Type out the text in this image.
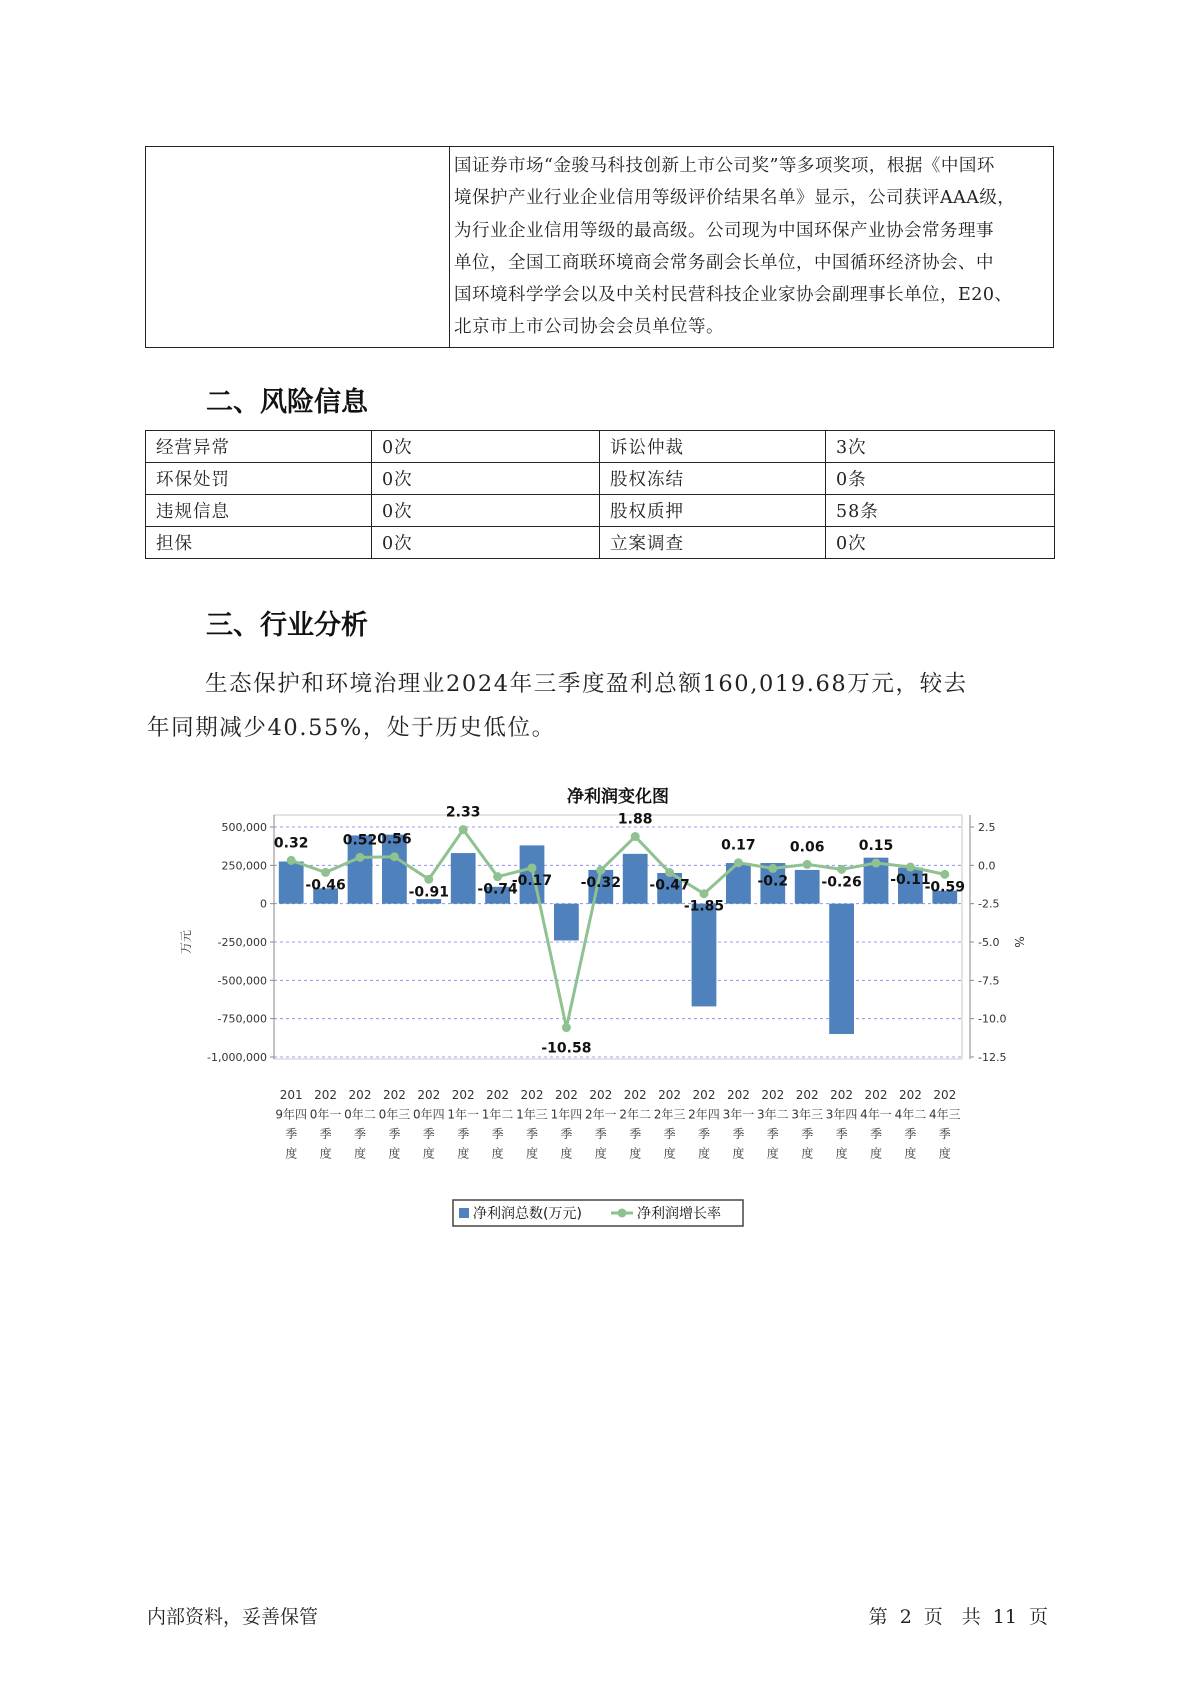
国证券市场“金骏马科技创新上市公司奖”等多项奖项，根据《中国环

境保护产业行业企业信用等级评价结果名单》显示，公司获评AAA级，

为行业企业信用等级的最高级。公司现为中国环保产业协会常务理事

单位，全国工商联环境商会常务副会长单位，中国循环经济协会、中

国环境科学学会以及中关村民营科技企业家协会副理事长单位，E20、

北京市上市公司协会会员单位等。

二、风险信息
经营异常	0次	诉讼仲裁	3次
环保处罚	0次	股权冻结	0条
违规信息	0次	股权质押	58条
担保	0次	立案调查	0次
三、行业分析

生态保护和环境治理业2024年三季度盈利总额160,019.68万元，较去
年同期减少40.55%，处于历史低位。

净利润变化图
500,000
250,000
0
-250,000
-500,000
-750,000
-1,000,000
2.5
0.0
-2.5
-5.0
-7.5
-10.0
-12.5
万元	%
0.32
-0.46
0.52 0.56
-0.91
2.33
-0.74
-0.17
-10.58
-0.32
1.88
-0.47
-1.85
0.17
-0.2
0.06
-0.26
0.15
-0.11
-0.59
201 9年四季度
202 0年一季度
202 0年二季度
202 0年三季度
202 0年四季度
202 1年一季度
202 1年二季度
202 1年三季度
202 1年四季度
202 2年一季度
202 2年二季度
202 2年三季度
202 2年四季度
202 3年一季度
202 3年二季度
202 3年三季度
202 3年四季度
202 4年一季度
202 4年二季度
202 4年三季度
净利润总数(万元)	净利润增长率
内部资料，妥善保管	第 2 页　共 11 页
